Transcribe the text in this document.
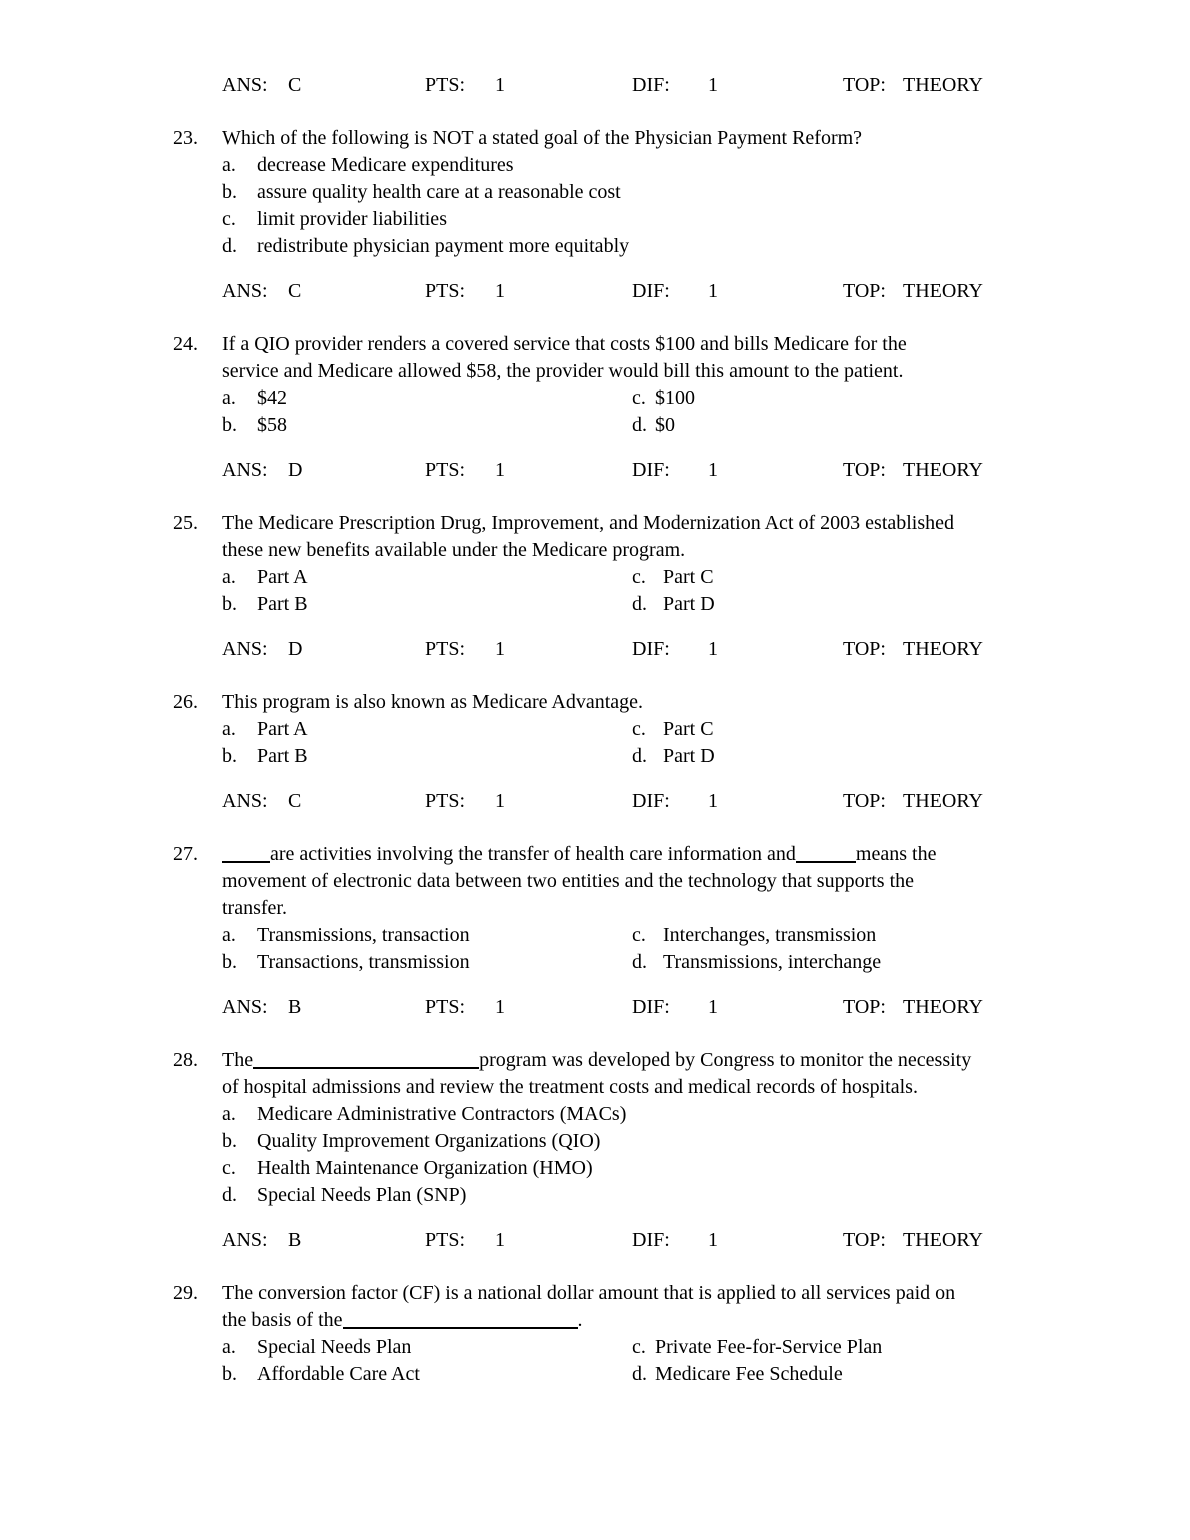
ANS: C	PTS: 1	DIF: 1	TOP: THEORY
23. Which of the following is NOT a stated goal of the Physician Payment Reform?
a. decrease Medicare expenditures
b. assure quality health care at a reasonable cost
c. limit provider liabilities
d. redistribute physician payment more equitably
ANS: C	PTS: 1	DIF: 1	TOP: THEORY
24. If a QIO provider renders a covered service that costs $100 and bills Medicare for the
service and Medicare allowed $58, the provider would bill this amount to the patient.
a. $42	c. $100
b. $58	d. $0
ANS: D	PTS: 1	DIF: 1	TOP: THEORY
25. The Medicare Prescription Drug, Improvement, and Modernization Act of 2003 established
these new benefits available under the Medicare program.
a. Part A	c. Part C
b. Part B	d. Part D
ANS: D	PTS: 1	DIF: 1	TOP: THEORY
26. This program is also known as Medicare Advantage.
a. Part A	c. Part C
b. Part B	d. Part D
ANS: C	PTS: 1	DIF: 1	TOP: THEORY
27.	are activities involving the transfer of health care information and	means the
movement of electronic data between two entities and the technology that supports the
transfer.
a. Transmissions, transaction	c. Interchanges, transmission
b. Transactions, transmission	d. Transmissions, interchange
ANS: B	PTS: 1	DIF: 1	TOP: THEORY
28. The	program was developed by Congress to monitor the necessity
of hospital admissions and review the treatment costs and medical records of hospitals.
a. Medicare Administrative Contractors (MACs)
b. Quality Improvement Organizations (QIO)
c. Health Maintenance Organization (HMO)
d. Special Needs Plan (SNP)
ANS: B	PTS: 1	DIF: 1	TOP: THEORY
29. The conversion factor (CF) is a national dollar amount that is applied to all services paid on
the basis of the	.
a. Special Needs Plan	c. Private Fee-for-Service Plan
b. Affordable Care Act	d. Medicare Fee Schedule
